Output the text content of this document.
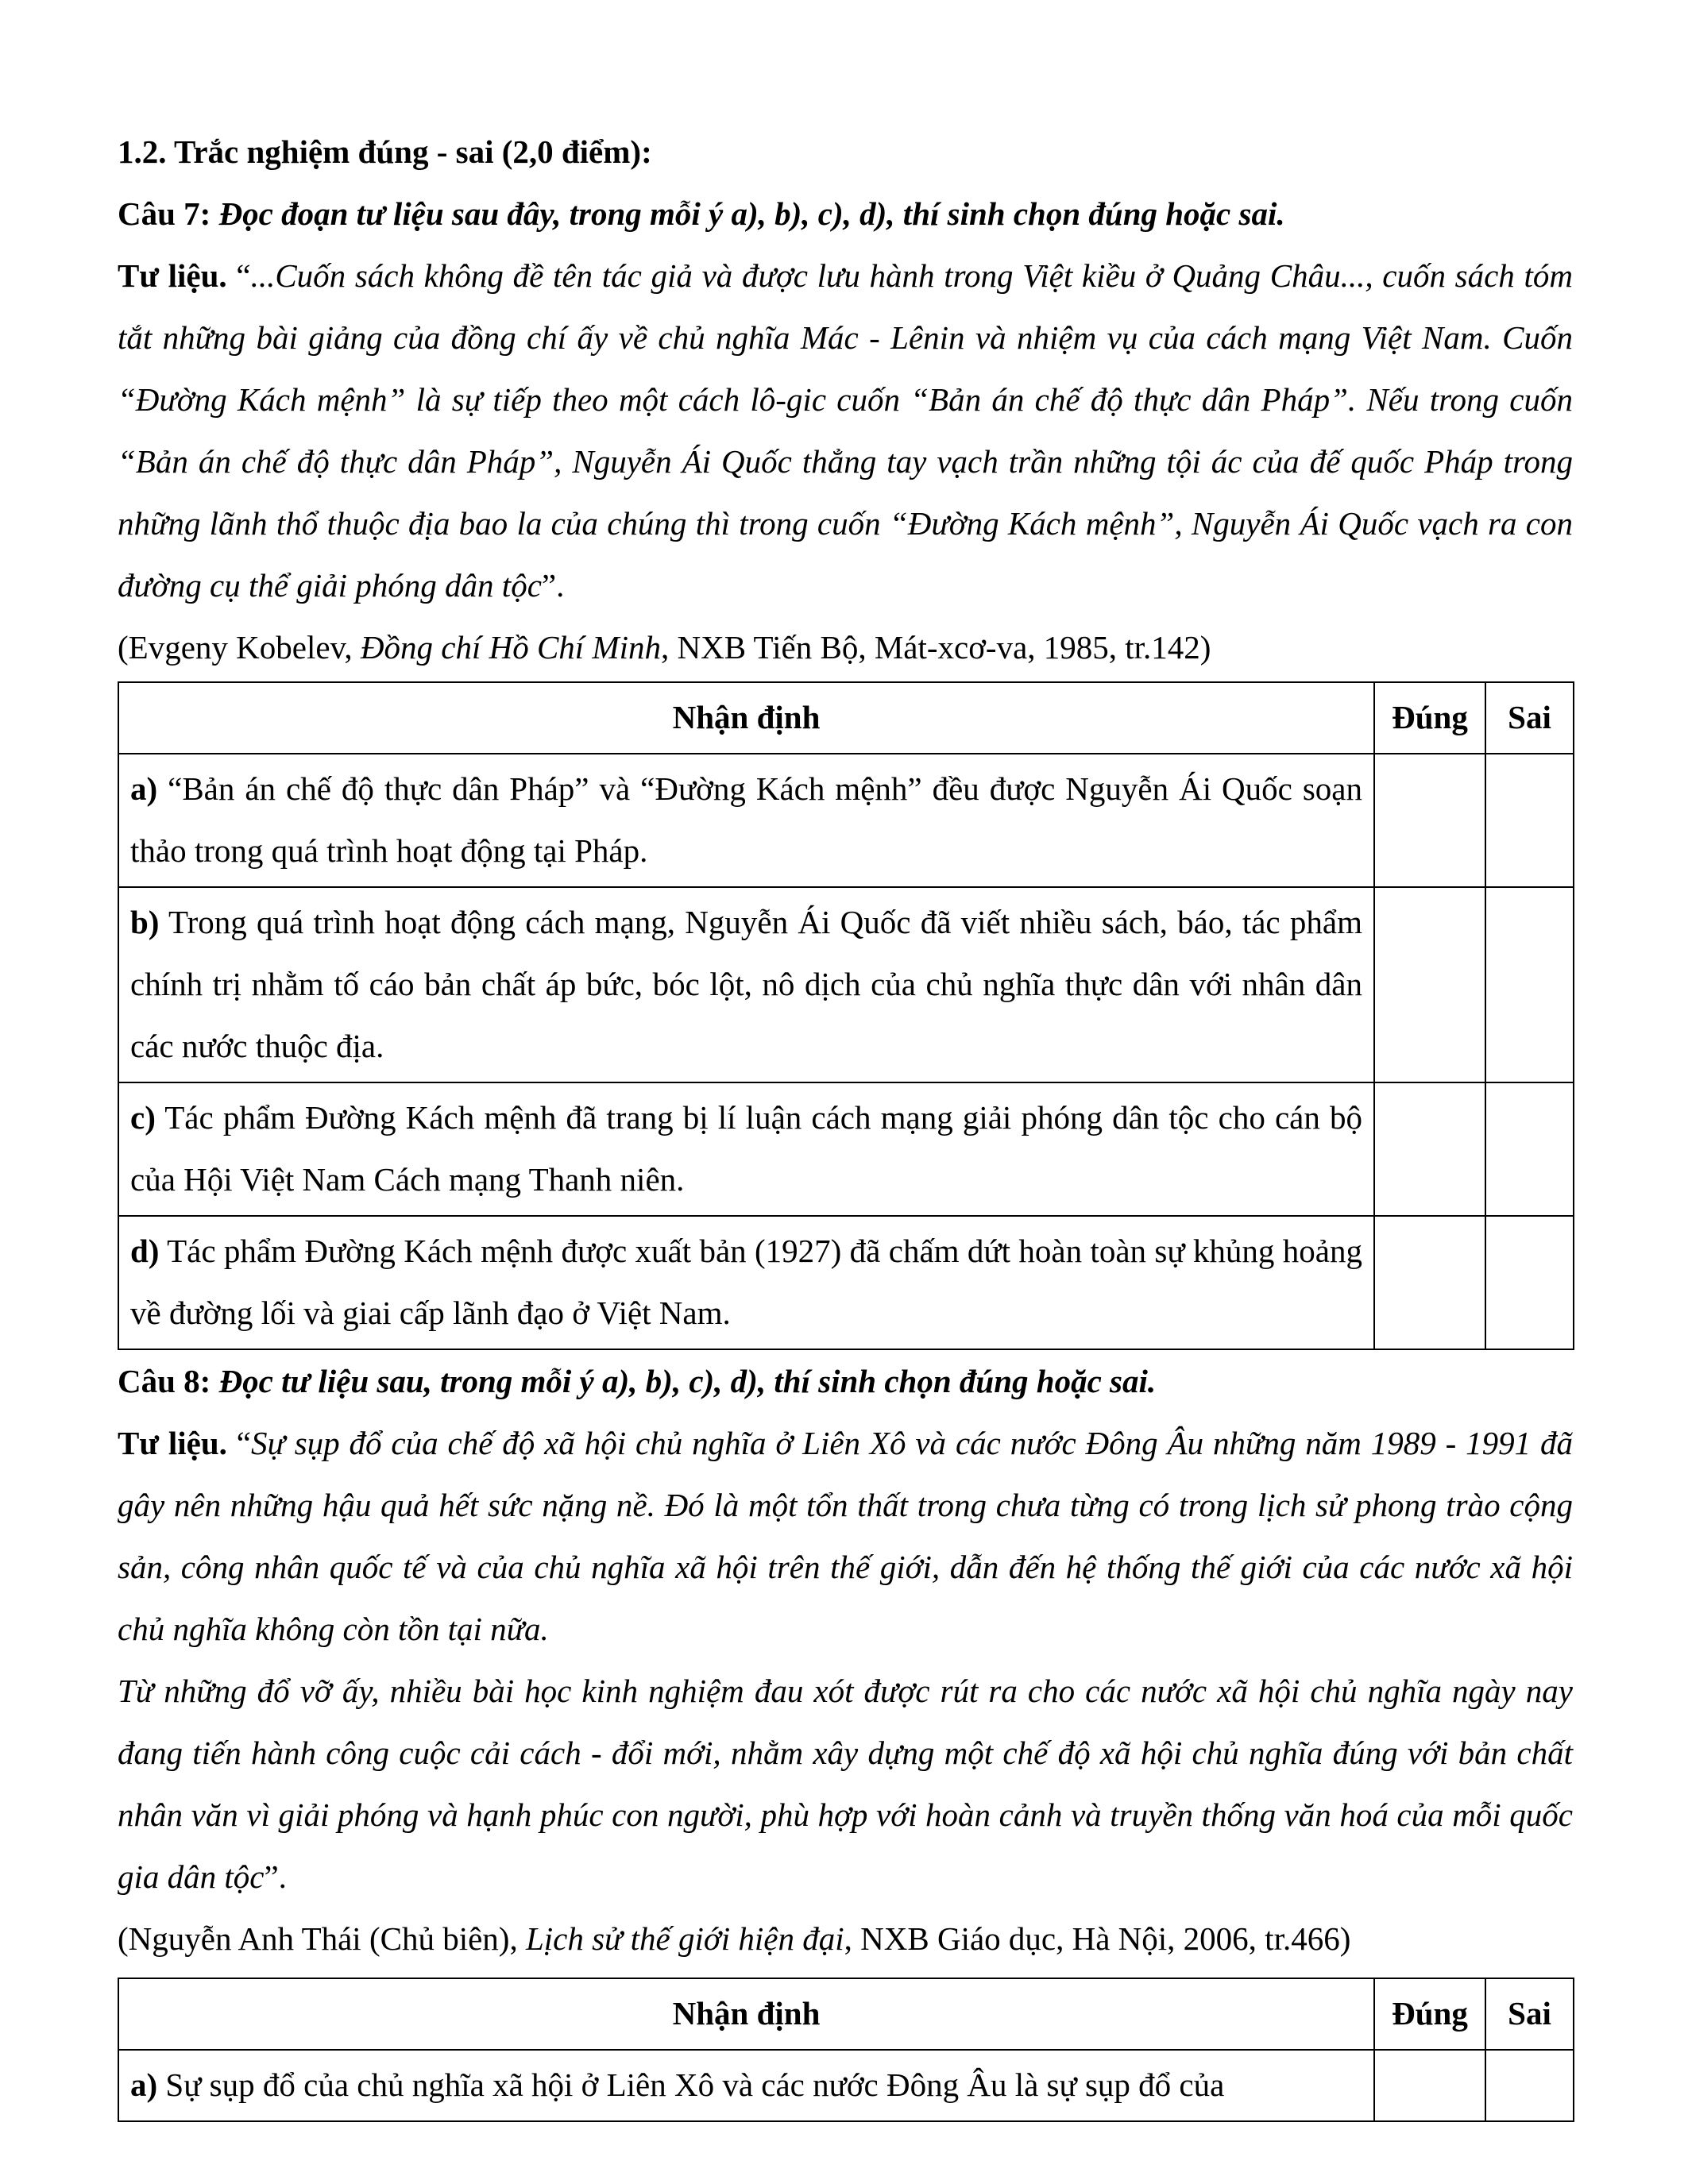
1.2. Trắc nghiệm đúng - sai (2,0 điểm):

Câu 7: Đọc đoạn tư liệu sau đây, trong mỗi ý a), b), c), d), thí sinh chọn đúng hoặc sai.

Tư liệu. “...Cuốn sách không đề tên tác giả và được lưu hành trong Việt kiều ở Quảng Châu..., cuốn sách tóm tắt những bài giảng của đồng chí ấy về chủ nghĩa Mác - Lênin và nhiệm vụ của cách mạng Việt Nam. Cuốn “Đường Kách mệnh” là sự tiếp theo một cách lô-gic cuốn “Bản án chế độ thực dân Pháp”. Nếu trong cuốn “Bản án chế độ thực dân Pháp”, Nguyễn Ái Quốc thẳng tay vạch trần những tội ác của đế quốc Pháp trong những lãnh thổ thuộc địa bao la của chúng thì trong cuốn “Đường Kách mệnh”, Nguyễn Ái Quốc vạch ra con đường cụ thể giải phóng dân tộc”.

(Evgeny Kobelev, Đồng chí Hồ Chí Minh, NXB Tiến Bộ, Mát-xcơ-va, 1985, tr.142)

Nhận định	Đúng	Sai
a) “Bản án chế độ thực dân Pháp” và “Đường Kách mệnh” đều được Nguyễn Ái Quốc soạn thảo trong quá trình hoạt động tại Pháp.		
b) Trong quá trình hoạt động cách mạng, Nguyễn Ái Quốc đã viết nhiều sách, báo, tác phẩm chính trị nhằm tố cáo bản chất áp bức, bóc lột, nô dịch của chủ nghĩa thực dân với nhân dân các nước thuộc địa.		
c) Tác phẩm Đường Kách mệnh đã trang bị lí luận cách mạng giải phóng dân tộc cho cán bộ của Hội Việt Nam Cách mạng Thanh niên.		
d) Tác phẩm Đường Kách mệnh được xuất bản (1927) đã chấm dứt hoàn toàn sự khủng hoảng về đường lối và giai cấp lãnh đạo ở Việt Nam.		

Câu 8: Đọc tư liệu sau, trong mỗi ý a), b), c), d), thí sinh chọn đúng hoặc sai.

Tư liệu. “Sự sụp đổ của chế độ xã hội chủ nghĩa ở Liên Xô và các nước Đông Âu những năm 1989 - 1991 đã gây nên những hậu quả hết sức nặng nề. Đó là một tổn thất trong chưa từng có trong lịch sử phong trào cộng sản, công nhân quốc tế và của chủ nghĩa xã hội trên thế giới, dẫn đến hệ thống thế giới của các nước xã hội chủ nghĩa không còn tồn tại nữa.

Từ những đổ vỡ ấy, nhiều bài học kinh nghiệm đau xót được rút ra cho các nước xã hội chủ nghĩa ngày nay đang tiến hành công cuộc cải cách - đổi mới, nhằm xây dựng một chế độ xã hội chủ nghĩa đúng với bản chất nhân văn vì giải phóng và hạnh phúc con người, phù hợp với hoàn cảnh và truyền thống văn hoá của mỗi quốc gia dân tộc”.

(Nguyễn Anh Thái (Chủ biên), Lịch sử thế giới hiện đại, NXB Giáo dục, Hà Nội, 2006, tr.466)

Nhận định	Đúng	Sai
a) Sự sụp đổ của chủ nghĩa xã hội ở Liên Xô và các nước Đông Âu là sự sụp đổ của		
